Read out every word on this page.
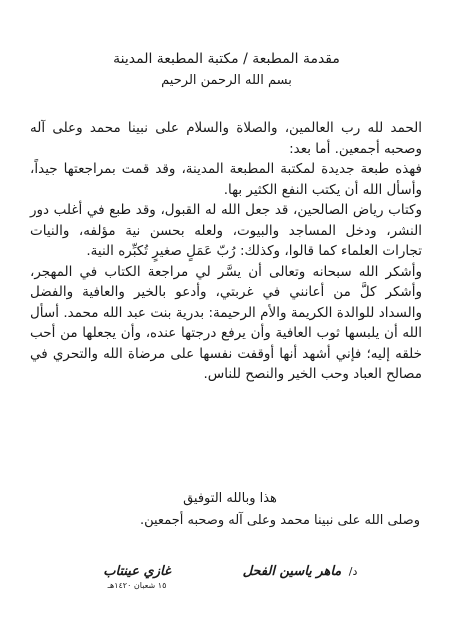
مقدمة المطبعة / مكتبة المطبعة المدينة
بسم الله الرحمن الرحيم

الحمد لله رب العالمين، والصلاة والسلام على نبينا محمد وعلى آله وصحبه أجمعين. أما بعد:

فهذه طبعة جديدة لمكتبة المطبعة المدينة، وقد قمت بمراجعتها جيداً، وأسأل الله أن يكتب النفع الكثير بها.

وكتاب رياض الصالحين، قد جعل الله له القبول، وقد طبع في أغلب دور النشر، ودخل المساجد والبيوت، ولعله بحسن نية مؤلفه، والنيات تجارات العلماء كما قالوا، وكذلك: رُبّ عَمَلٍ صغيرٍ تُكبِّره النية.

وأشكر الله سبحانه وتعالى أن يسَّر لي مراجعة الكتاب في المهجر، وأشكر كلَّ من أعانني في غربتي، وأدعو بالخير والعافية والفضل والسداد للوالدة الكريمة والأم الرحيمة: بدرية بنت عبد الله محمد. أسأل الله أن يلبسها ثوب العافية وأن يرفع درجتها عنده، وأن يجعلها من أحب خلقه إليه؛ فإني أشهد أنها أوقفت نفسها على مرضاة الله والتحري في مصالح العباد وحب الخير والنصح للناس.

هذا وبالله التوفيق
وصلى الله على نبينا محمد وعلى آله وصحبه أجمعين.
د/ ماهر ياسين الفحل
غازي عينتاب
١٥ شعبان ١٤٢٠هـ
